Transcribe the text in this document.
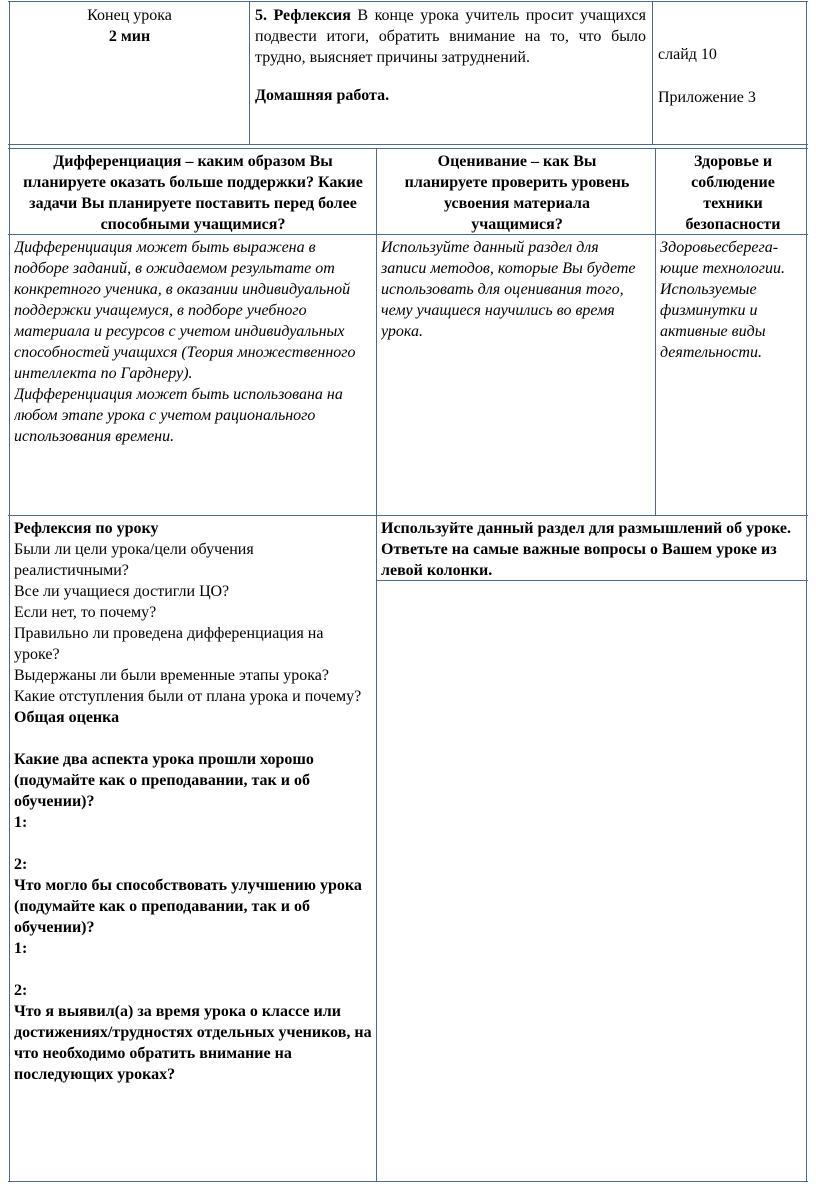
Конец урока

2 мин

5. Рефлексия В конце урока учитель просит учащихся подвести итоги, обратить внимание на то, что было трудно, выясняет причины затруднений.

Домашняя работа.

слайд 10

Приложение 3

Дифференциация – каким образом Вы планируете оказать больше поддержки? Какие задачи Вы планируете поставить перед более способными учащимися?

Оценивание – как Вы планируете проверить уровень усвоения материала учащимися?

Здоровье и соблюдение техники безопасности

Дифференциация может быть выражена в подборе заданий, в ожидаемом результате от конкретного ученика, в оказании индивидуальной поддержки учащемуся, в подборе учебного материала и ресурсов с учетом индивидуальных способностей учащихся (Теория множественного интеллекта по Гарднеру).

Дифференциация может быть использована на любом этапе урока с учетом рационального использования времени.

Используйте данный раздел для записи методов, которые Вы будете использовать для оценивания того, чему учащиеся научились во время урока.

Здоровьесберегающие технологии. Используемые физминутки и активные виды деятельности.

Рефлексия по уроку

Были ли цели урока/цели обучения реалистичными?

Все ли учащиеся достигли ЦО?

Если нет, то почему?

Правильно ли проведена дифференциация на уроке?

Выдержаны ли были временные этапы урока?

Какие отступления были от плана урока и почему?

Общая оценка

Какие два аспекта урока прошли хорошо (подумайте как о преподавании, так и об обучении)?

1:

2:

Что могло бы способствовать улучшению урока (подумайте как о преподавании, так и об обучении)?

1:

2:

Что я выявил(а) за время урока о классе или достижениях/трудностях отдельных учеников, на что необходимо обратить внимание на последующих уроках?

Используйте данный раздел для размышлений об уроке. Ответьте на самые важные вопросы о Вашем уроке из левой колонки.
